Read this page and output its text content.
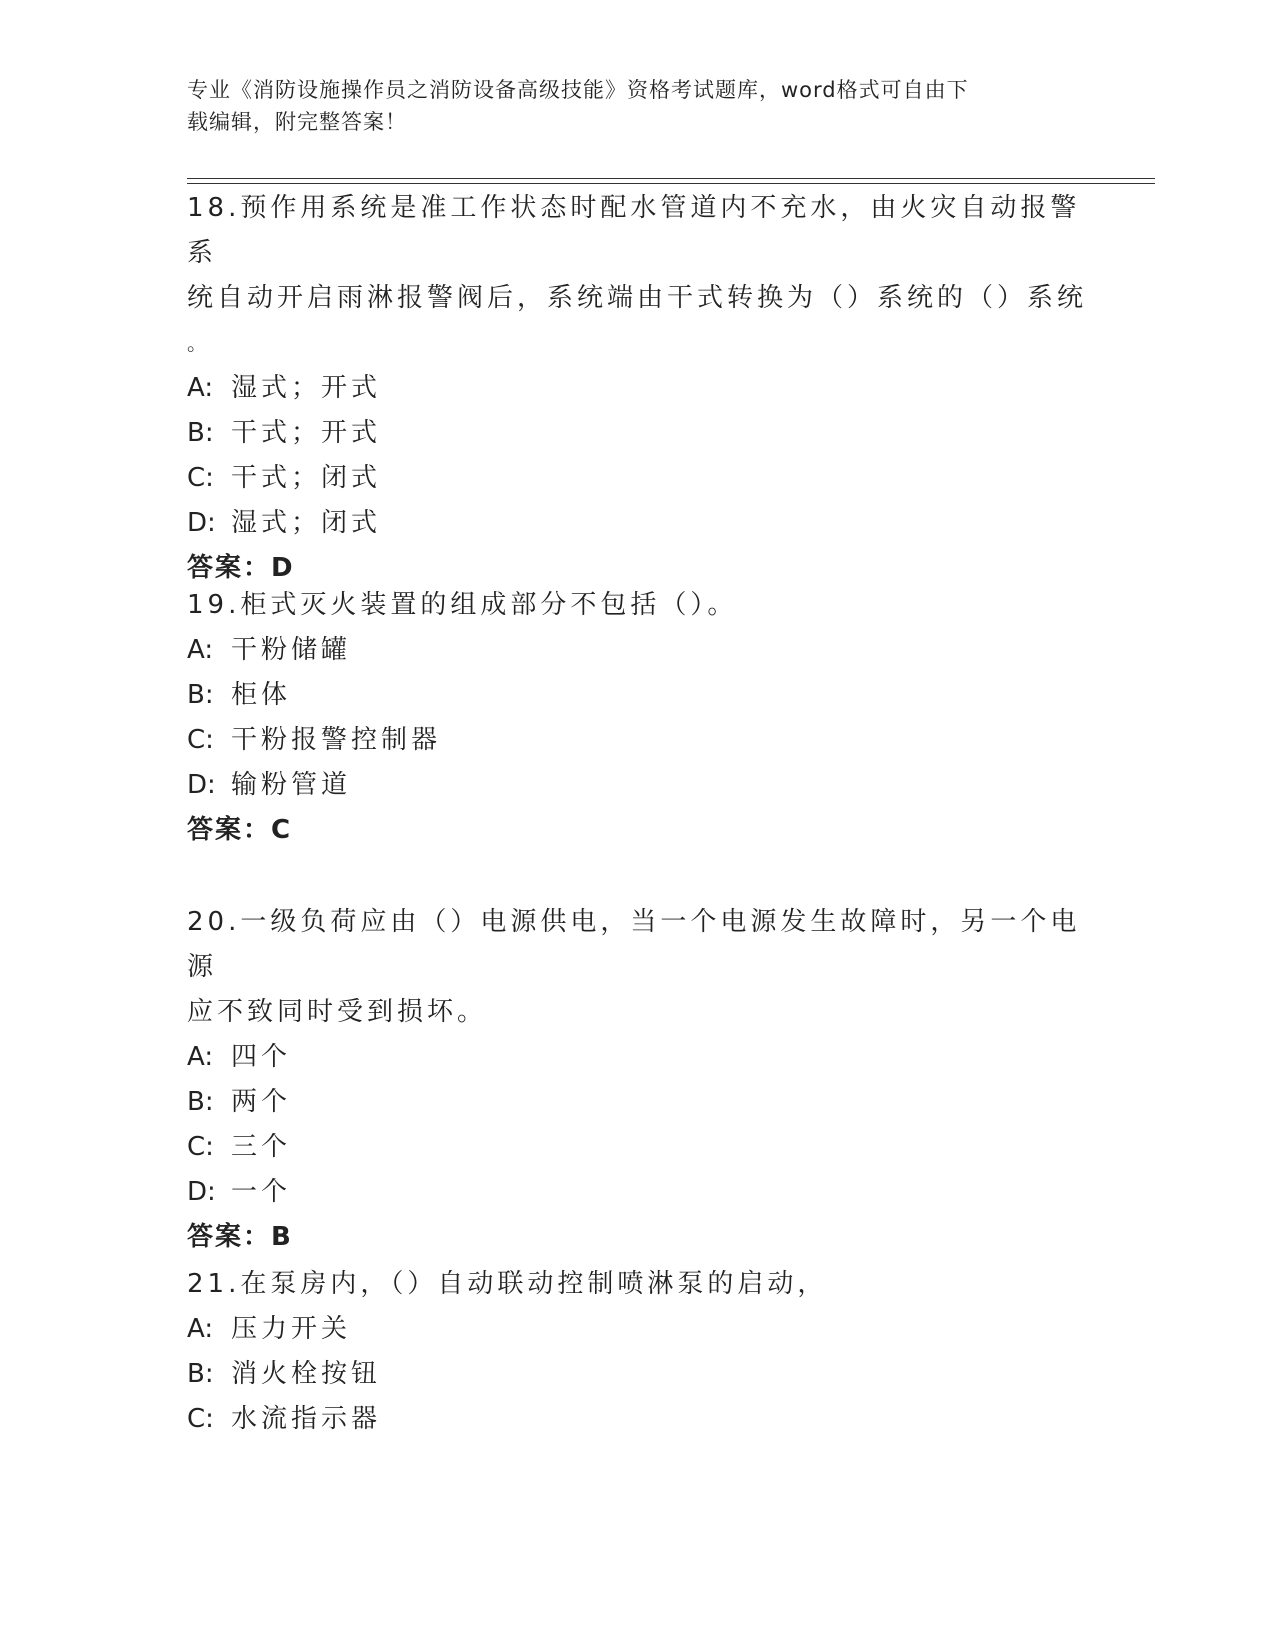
专业《消防设施操作员之消防设备高级技能》资格考试题库，word格式可自由下
载编辑，附完整答案！
18.预作用系统是准工作状态时配水管道内不充水，由火灾自动报警系
统自动开启雨淋报警阀后，系统端由干式转换为（）系统的（）系统
。
A: 湿式；开式
B: 干式；开式
C: 干式；闭式
D: 湿式；闭式
答案：D
19.柜式灭火装置的组成部分不包括（）。
A: 干粉储罐
B: 柜体
C: 干粉报警控制器
D: 输粉管道
答案：C
20.一级负荷应由（）电源供电，当一个电源发生故障时，另一个电源
应不致同时受到损坏。
A: 四个
B: 两个
C: 三个
D: 一个
答案：B
21.在泵房内，（）自动联动控制喷淋泵的启动，
A: 压力开关
B: 消火栓按钮
C: 水流指示器
